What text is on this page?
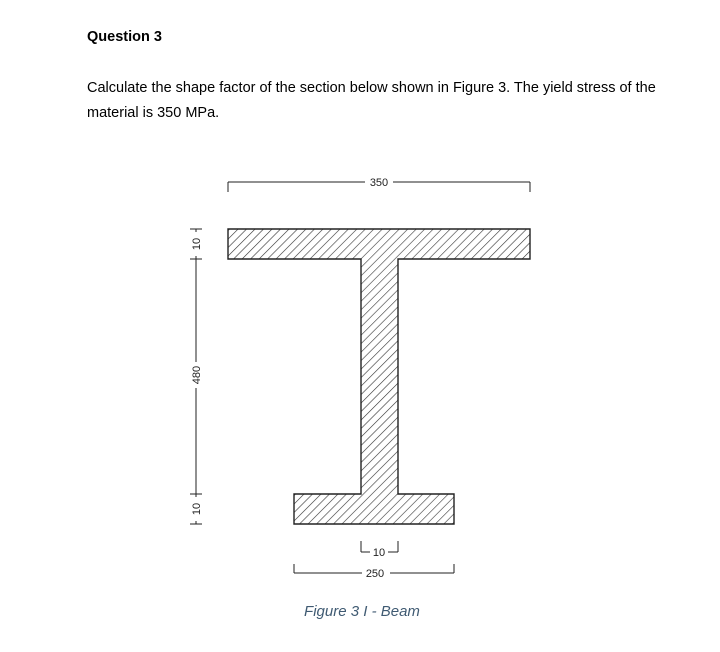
Question 3

Calculate the shape factor of the section below shown in Figure 3. The yield stress of the material is 350 MPa.

350
10
480
10
10
250
Figure 3 I - Beam
